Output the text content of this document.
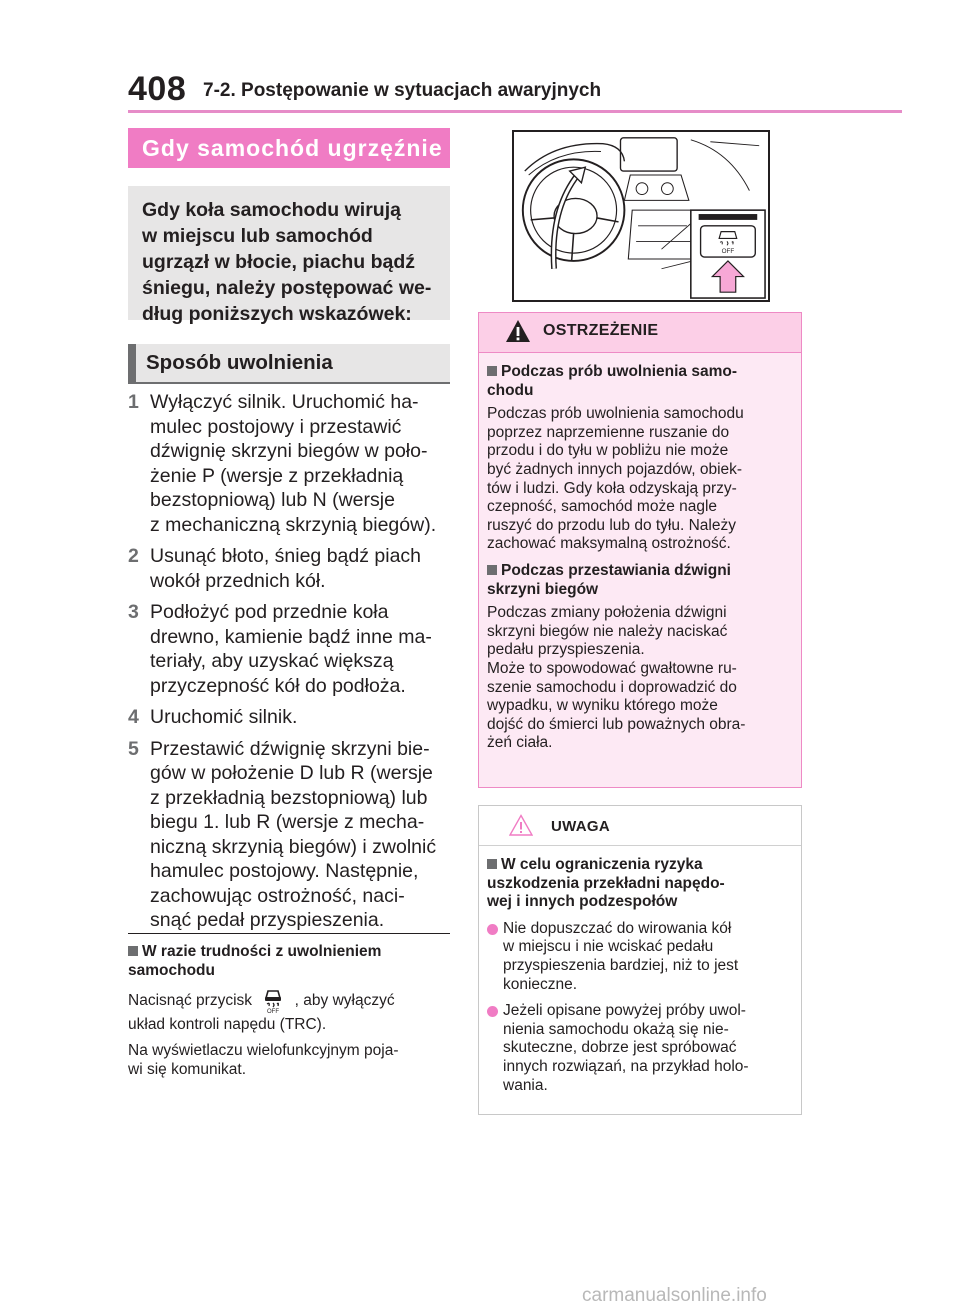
408 7-2. Postępowanie w sytuacjach awaryjnych
Gdy samochód ugrzęźnie
Gdy koła samochodu wirują
w miejscu lub samochód
ugrzązł w błocie, piachu bądź
śniegu, należy postępować we-
dług poniższych wskazówek:
Sposób uwolnienia
1 Wyłączyć silnik. Uruchomić ha-
mulec postojowy i przestawić
dźwignię skrzyni biegów w poło-
żenie P (wersje z przekładnią
bezstopniową) lub N (wersje
z mechaniczną skrzynią biegów).
2 Usunąć błoto, śnieg bądź piach
wokół przednich kół.
3 Podłożyć pod przednie koła
drewno, kamienie bądź inne ma-
teriały, aby uzyskać większą
przyczepność kół do podłoża.
4 Uruchomić silnik.
5 Przestawić dźwignię skrzyni bie-
gów w położenie D lub R (wersje
z przekładnią bezstopniową) lub
biegu 1. lub R (wersje z mecha-
niczną skrzynią biegów) i zwolnić
hamulec postojowy. Następnie,
zachowując ostrożność, naci-
snąć pedał przyspieszenia.
W razie trudności z uwolnieniem
samochodu
Nacisnąć przycisk
OFF
, aby wyłączyć
układ kontroli napędu (TRC).
Na wyświetlaczu wielofunkcyjnym poja-
wi się komunikat.
OFF
OSTRZEŻENIE
Podczas prób uwolnienia samo-
chodu
Podczas prób uwolnienia samochodu
poprzez naprzemienne ruszanie do
przodu i do tyłu w pobliżu nie może
być żadnych innych pojazdów, obiek-
tów i ludzi. Gdy koła odzyskają przy-
czepność, samochód może nagle
ruszyć do przodu lub do tyłu. Należy
zachować maksymalną ostrożność.
Podczas przestawiania dźwigni
skrzyni biegów
Podczas zmiany położenia dźwigni
skrzyni biegów nie należy naciskać
pedału przyspieszenia.
Może to spowodować gwałtowne ru-
szenie samochodu i doprowadzić do
wypadku, w wyniku którego może
dojść do śmierci lub poważnych obra-
żeń ciała.
UWAGA
W celu ograniczenia ryzyka
uszkodzenia przekładni napędo-
wej i innych podzespołów
Nie dopuszczać do wirowania kół
w miejscu i nie wciskać pedału
przyspieszenia bardziej, niż to jest
konieczne.
Jeżeli opisane powyżej próby uwol-
nienia samochodu okażą się nie-
skuteczne, dobrze jest spróbować
innych rozwiązań, na przykład holo-
wania.
carmanualsonline.info
